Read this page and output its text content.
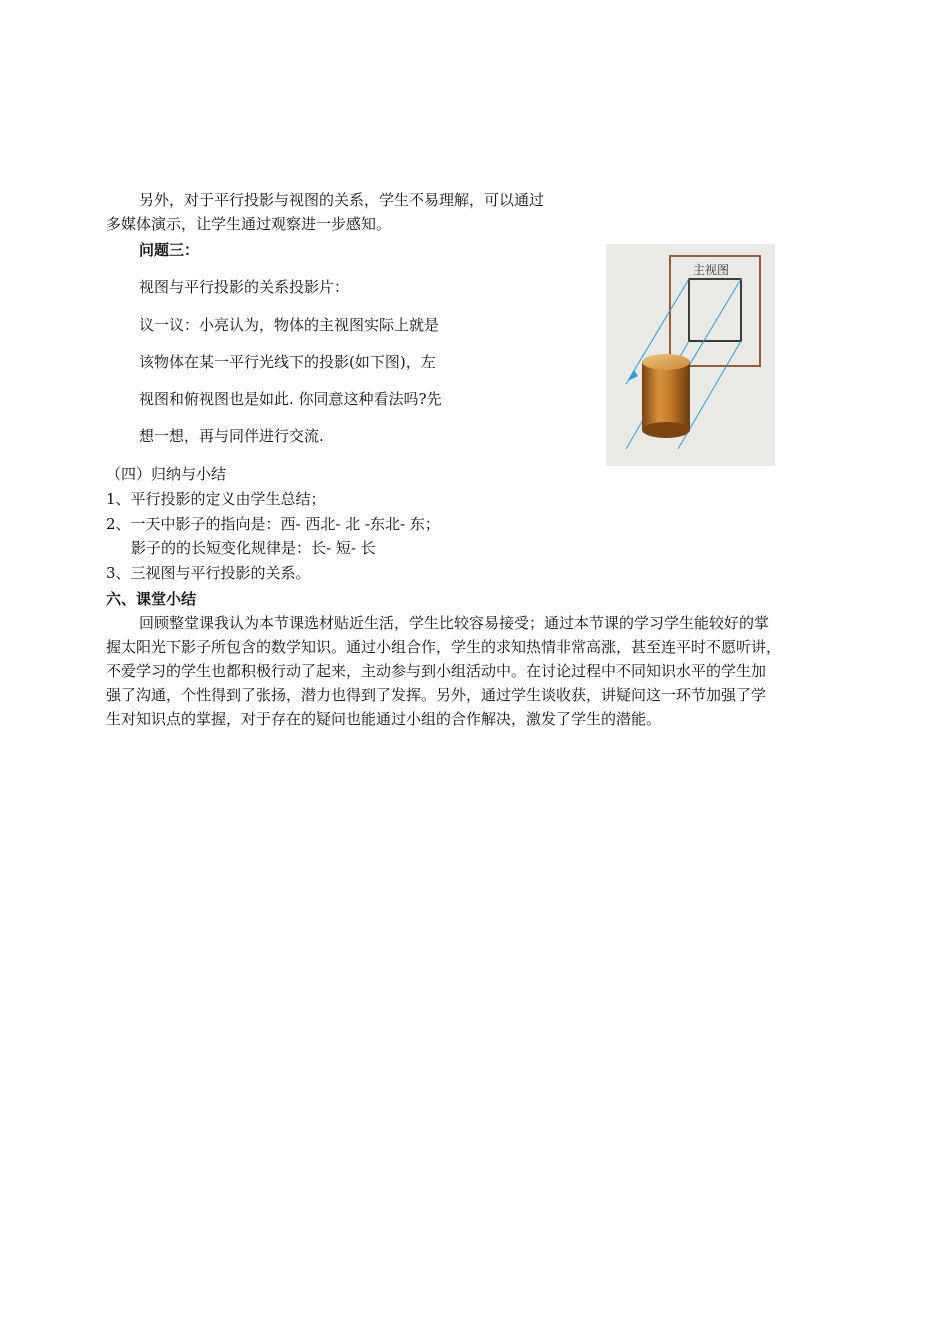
另外，对于平行投影与视图的关系，学生不易理解，可以通过
多媒体演示，让学生通过观察进一步感知。
问题三：
视图与平行投影的关系投影片：
议一议：小亮认为，物体的主视图实际上就是
该物体在某一平行光线下的投影(如下图)，左
视图和俯视图也是如此. 你同意这种看法吗?先
想一想，再与同伴进行交流.
主视图
（四）归纳与小结
1、平行投影的定义由学生总结；
2、一天中影子的指向是：西- 西北- 北 -东北- 东；
影子的的长短变化规律是：长- 短- 长
3、三视图与平行投影的关系。
六、课堂小结
回顾整堂课我认为本节课选材贴近生活，学生比较容易接受；通过本节课的学习学生能较好的掌
握太阳光下影子所包含的数学知识。通过小组合作，学生的求知热情非常高涨，甚至连平时不愿听讲，
不爱学习的学生也都积极行动了起来，主动参与到小组活动中。在讨论过程中不同知识水平的学生加
强了沟通，个性得到了张扬，潜力也得到了发挥。另外，通过学生谈收获，讲疑问这一环节加强了学
生对知识点的掌握，对于存在的疑问也能通过小组的合作解决，激发了学生的潜能。
